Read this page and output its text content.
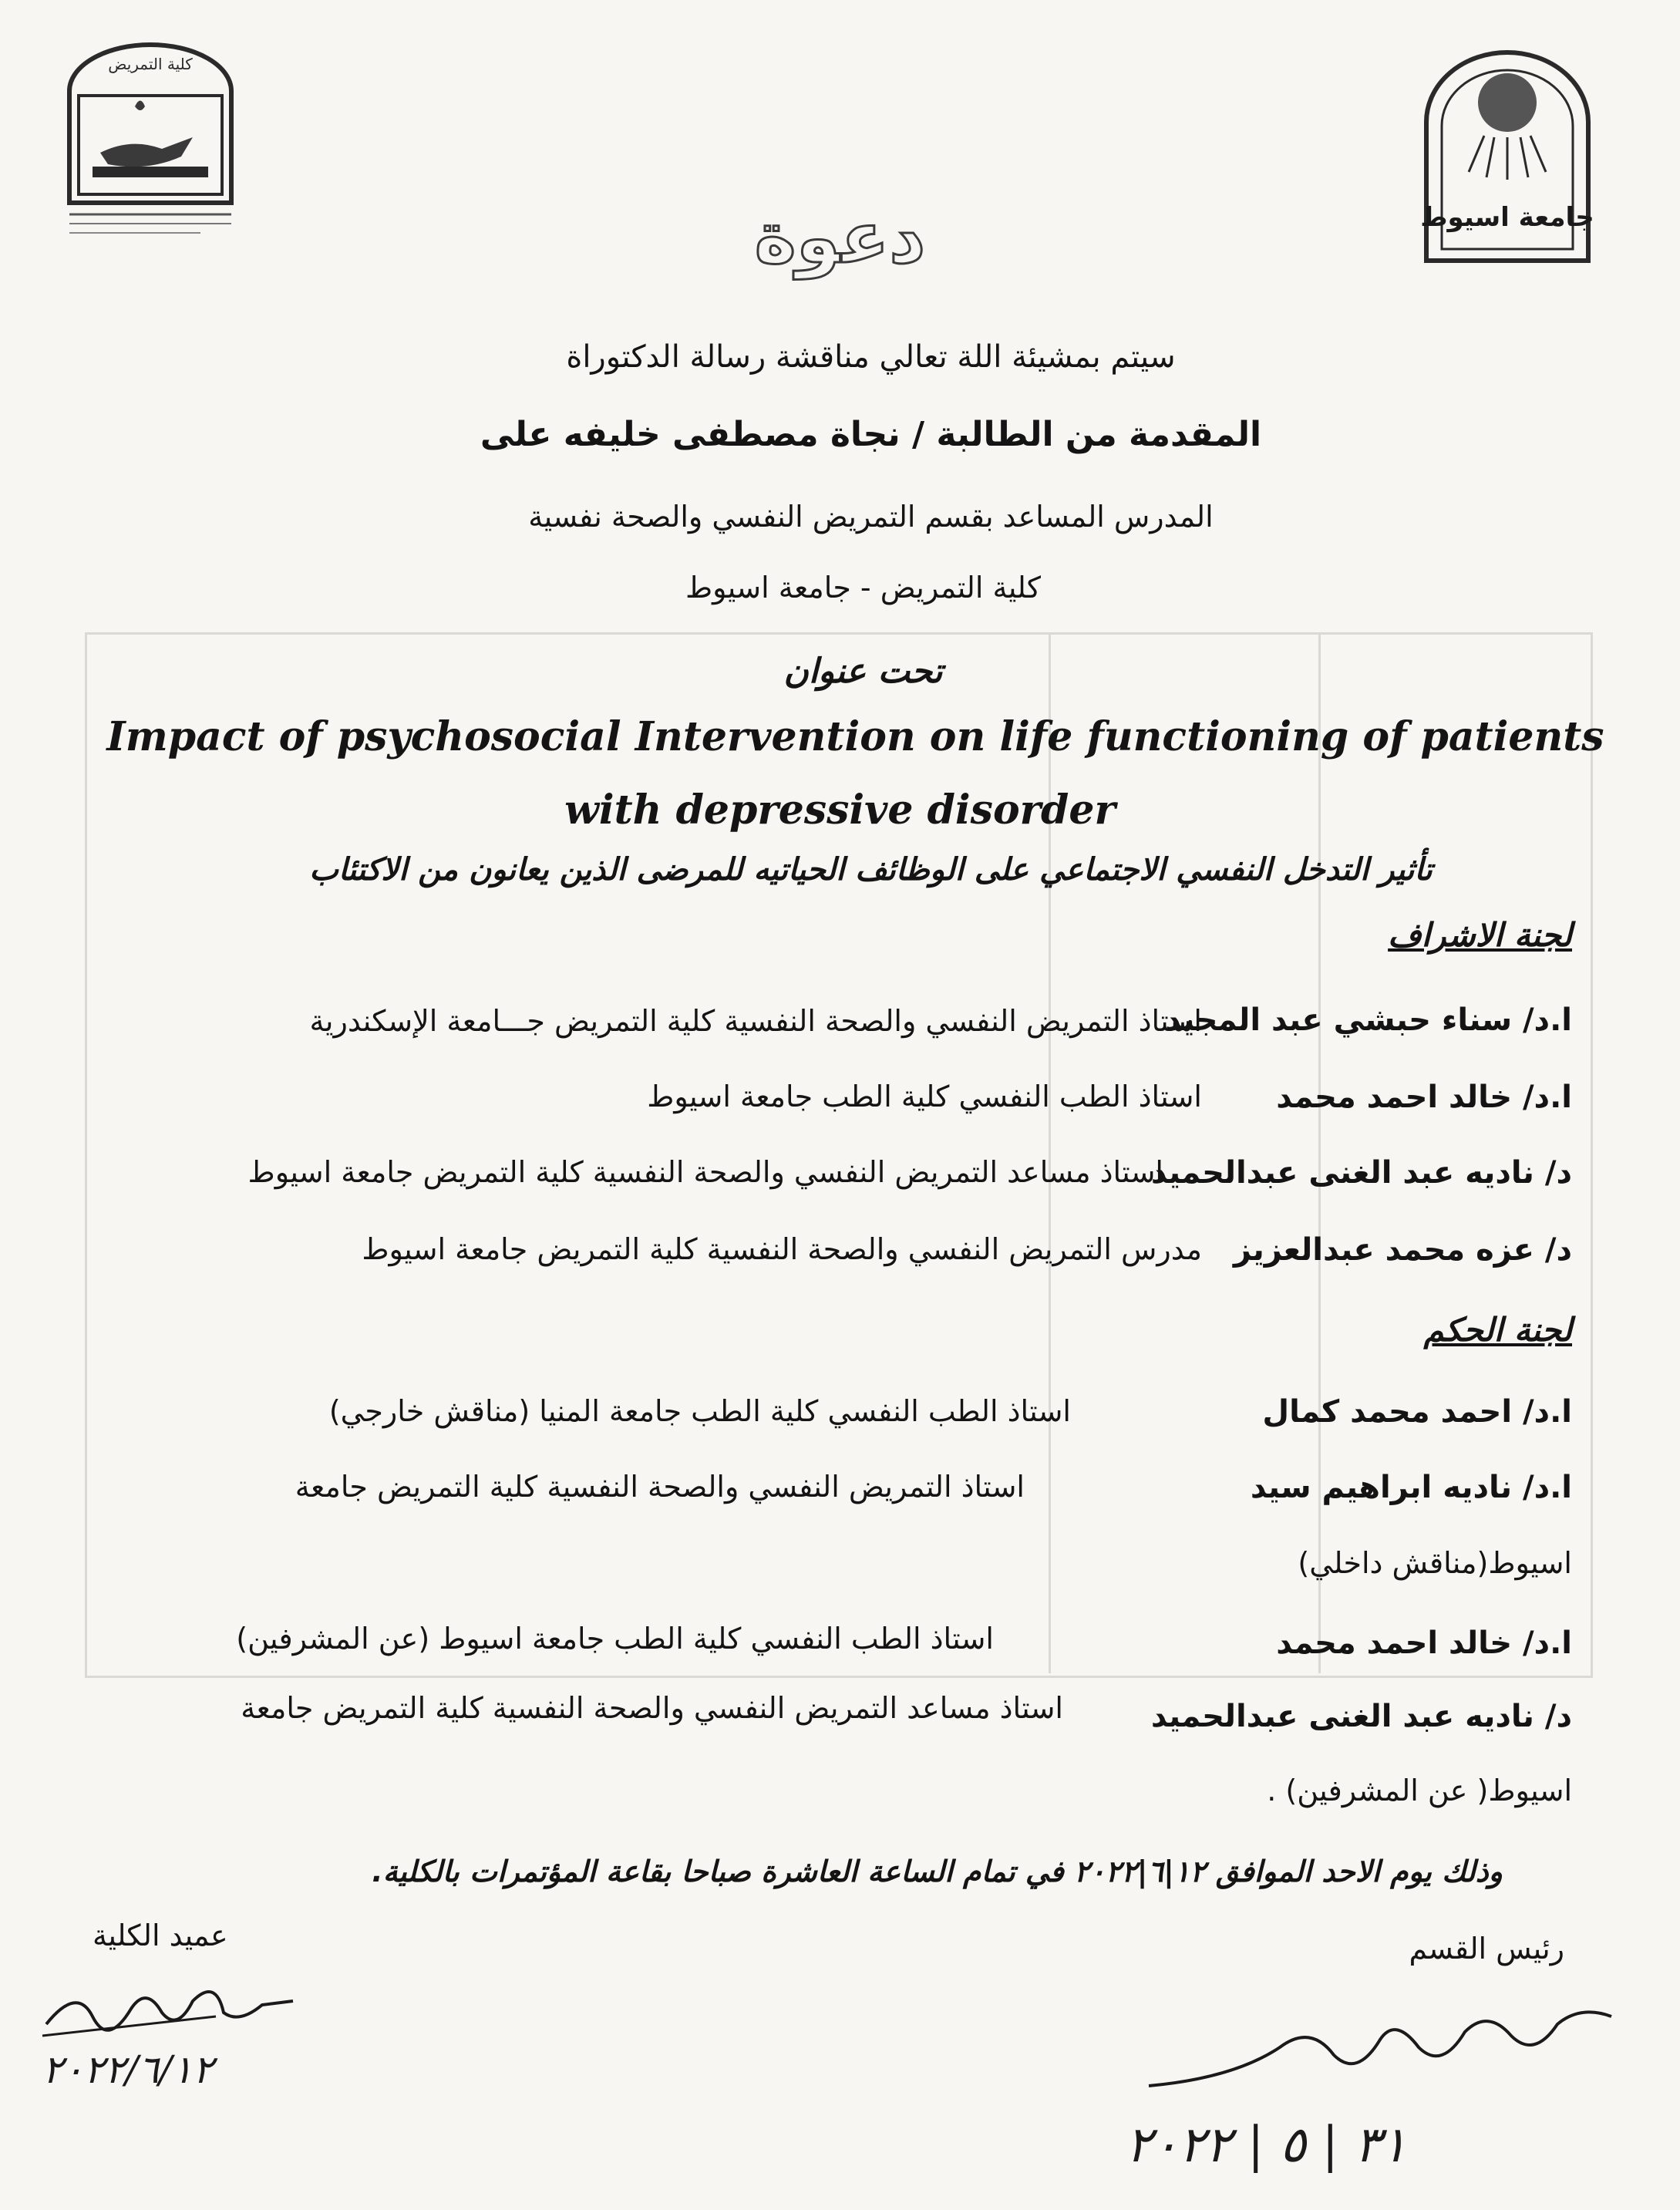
كلية التمريض
FACULTY OF NURSING
جامعة اسيوط
دعوة
سيتم بمشيئة اللة تعالي مناقشة رسالة الدكتوراة
المقدمة من الطالبة / نجاة مصطفى خليفه على
المدرس المساعد بقسم التمريض النفسي والصحة نفسية
كلية التمريض - جامعة اسيوط
تحت عنوان
Impact of psychosocial Intervention on life functioning of patients
with depressive disorder
تأثير التدخل النفسي الاجتماعي على الوظائف الحياتيه للمرضى الذين يعانون من الاكتئاب
لجنة الاشراف
ا.د/ سناء حبشي عبد المجيد
استاذ التمريض النفسي والصحة النفسية كلية التمريض جـــامعة الإسكندرية
ا.د/ خالد احمد محمد
استاذ الطب النفسي كلية الطب جامعة اسيوط
د/ ناديه عبد الغنى عبدالحميد
استاذ مساعد التمريض النفسي والصحة النفسية كلية التمريض جامعة اسيوط
د/ عزه محمد عبدالعزيز
مدرس التمريض النفسي والصحة النفسية كلية التمريض جامعة اسيوط
لجنة الحكم
ا.د/ احمد محمد كمال
استاذ الطب النفسي كلية الطب جامعة المنيا (مناقش خارجي)
ا.د/ ناديه ابراهيم سيد
استاذ التمريض النفسي والصحة النفسية كلية التمريض جامعة
اسيوط(مناقش داخلي)
ا.د/ خالد احمد محمد
استاذ الطب النفسي كلية الطب جامعة اسيوط (عن المشرفين)
د/ ناديه عبد الغنى عبدالحميد
استاذ مساعد التمريض النفسي والصحة النفسية كلية التمريض جامعة
اسيوط( عن المشرفين) .
وذلك يوم الاحد الموافق ١٢|٦|٢٠٢٢ في تمام الساعة العاشرة صباحا بقاعة المؤتمرات بالكلية.
عميد الكلية	رئيس القسم
٢٠٢٢/٦/١٢
٣١ | ٥ | ٢٠٢٢
